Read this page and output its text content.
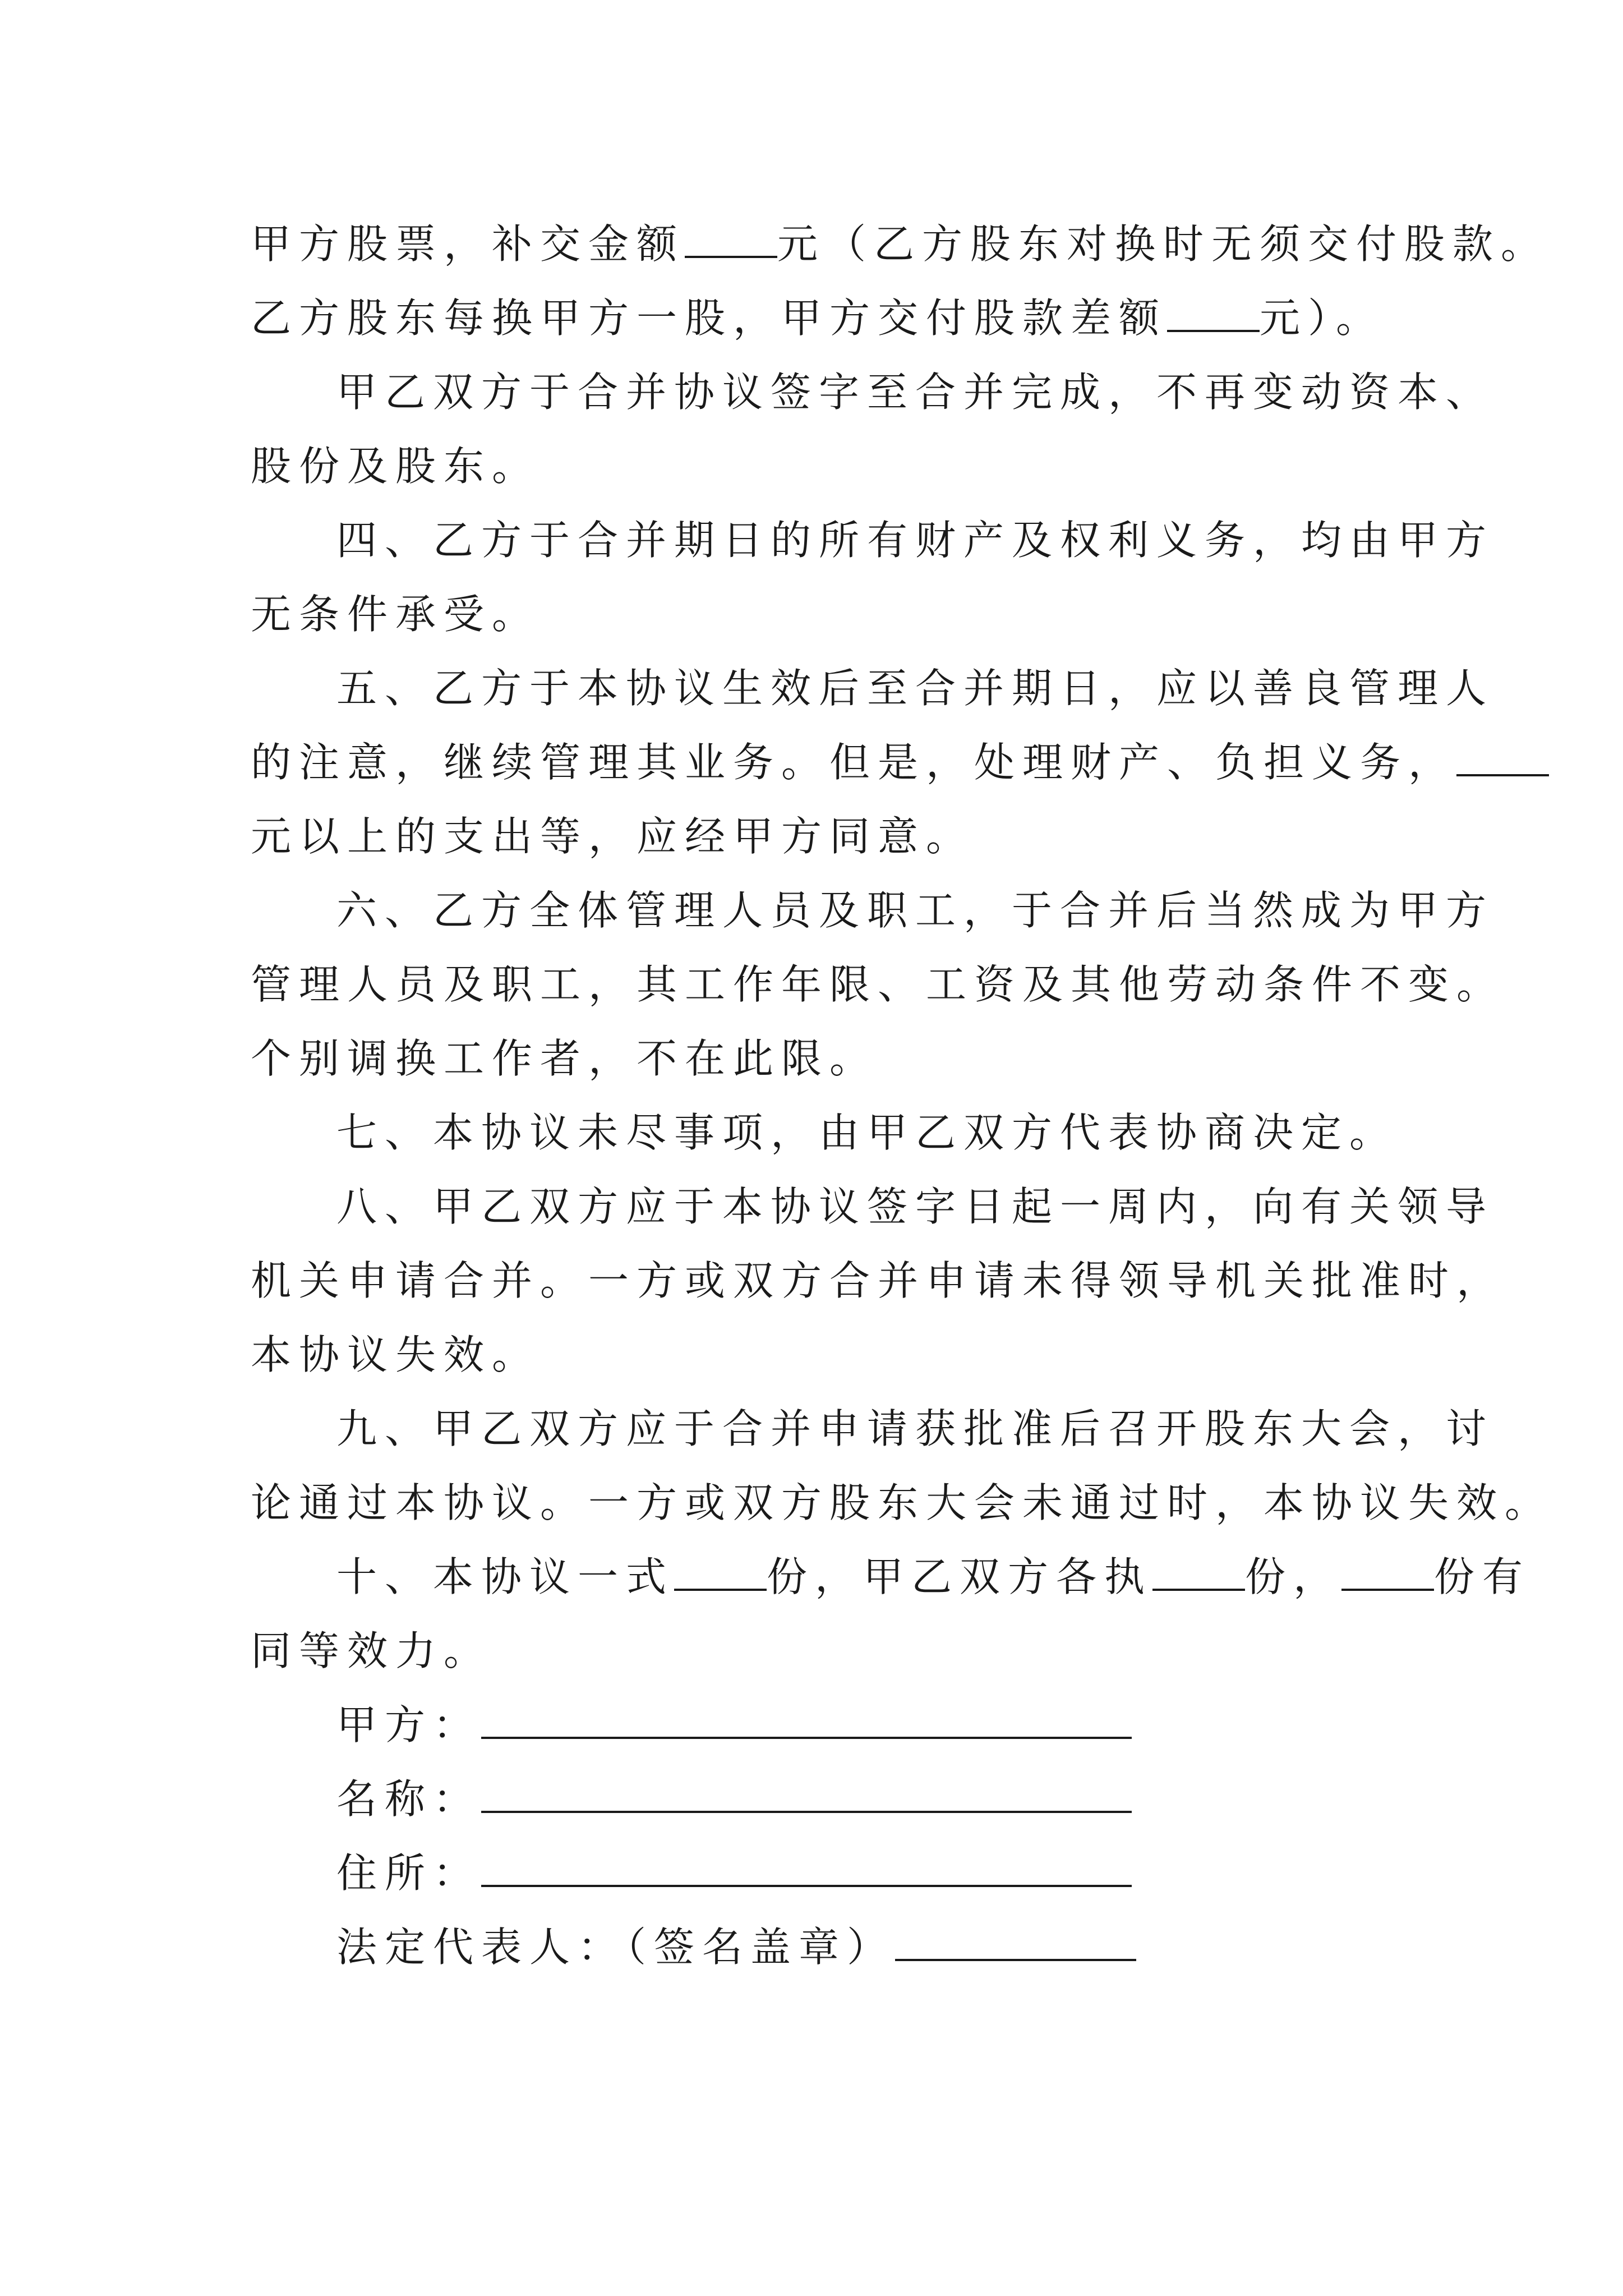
甲方股票，补交金额 元（乙方股东对换时无须交付股款。
乙方股东每换甲方一股，甲方交付股款差额 元）。
甲乙双方于合并协议签字至合并完成，不再变动资本、
股份及股东。
四、乙方于合并期日的所有财产及权利义务，均由甲方
无条件承受。
五、乙方于本协议生效后至合并期日，应以善良管理人
的注意，继续管理其业务。但是，处理财产、负担义务，
元以上的支出等，应经甲方同意。
六、乙方全体管理人员及职工，于合并后当然成为甲方
管理人员及职工，其工作年限、工资及其他劳动条件不变。
个别调换工作者，不在此限。
七、本协议未尽事项，由甲乙双方代表协商决定。
八、甲乙双方应于本协议签字日起一周内，向有关领导
机关申请合并。一方或双方合并申请未得领导机关批准时，
本协议失效。
九、甲乙双方应于合并申请获批准后召开股东大会，讨
论通过本协议。一方或双方股东大会未通过时，本协议失效。
十、本协议一式 份，甲乙双方各执 份， 份有
同等效力。
甲方：
名称：
住所：
法定代表人：（签名盖章）
